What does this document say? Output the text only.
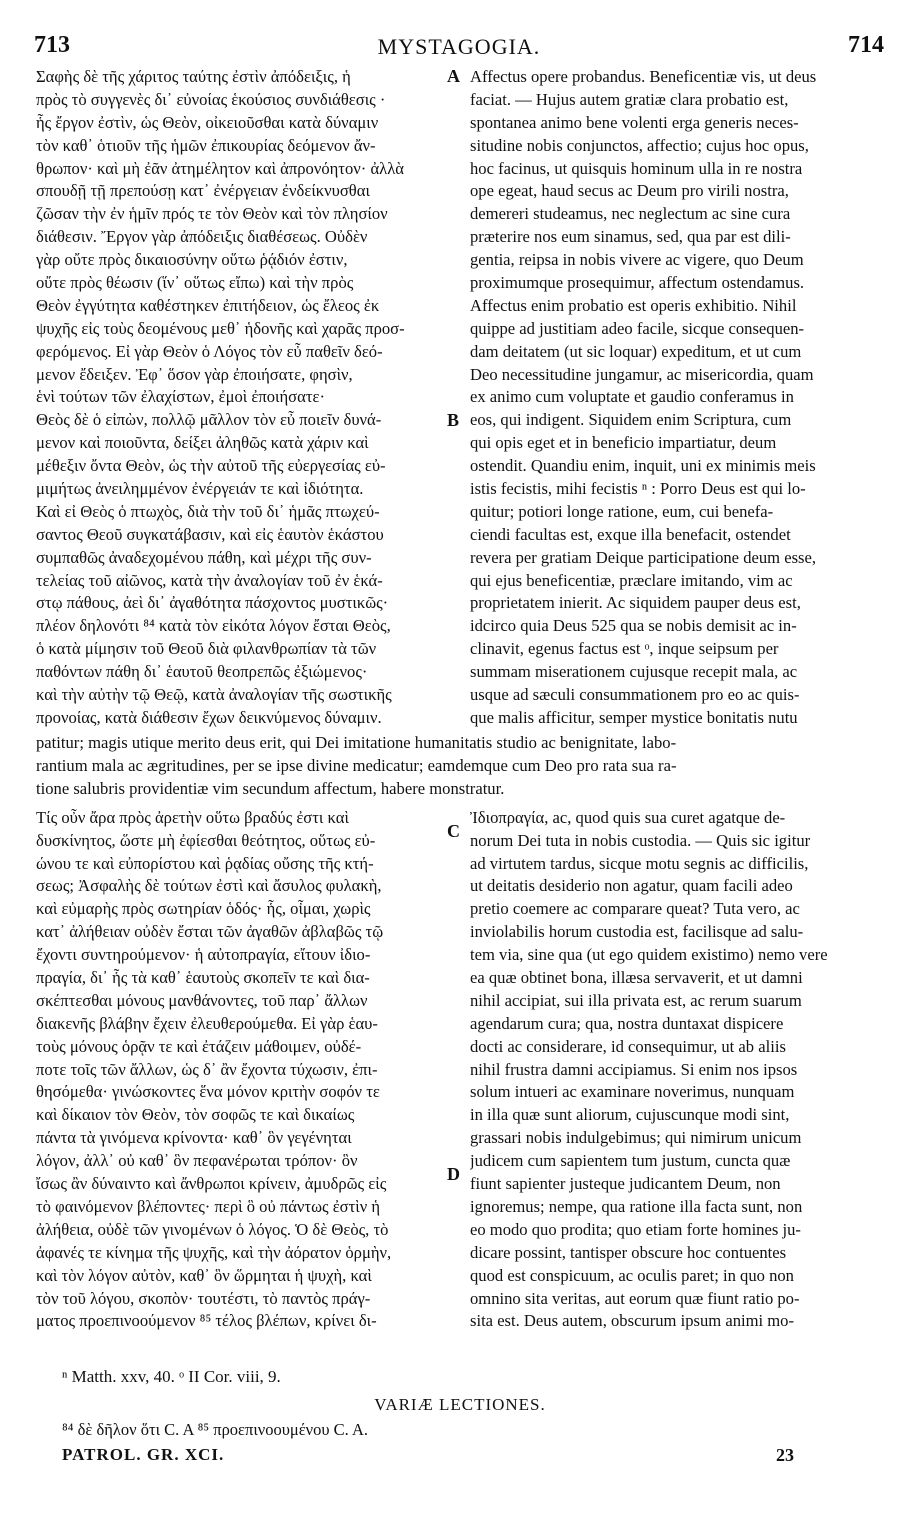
713	MYSTAGOGIA.	714
Σαφὴς δὲ τῆς χάριτος ταύτης ἐστὶν ἀπόδειξις, ἡ
πρὸς τὸ συγγενὲς δι᾽ εὐνοίας ἑκούσιος συνδιάθεσις ·
ἧς ἔργον ἐστὶν, ὡς Θεὸν, οἰκειοῦσθαι κατὰ δύναμιν
τὸν καθ᾽ ὁτιοῦν τῆς ἡμῶν ἐπικουρίας δεόμενον ἄν-
θρωπον· καὶ μὴ ἐᾶν ἀτημέλητον καὶ ἀπρονόητον· ἀλλὰ
σπουδῇ τῇ πρεπούσῃ κατ᾽ ἐνέργειαν ἐνδείκνυσθαι
ζῶσαν τὴν ἐν ἡμῖν πρός τε τὸν Θεὸν καὶ τὸν πλησίον
διάθεσιν. Ἔργον γὰρ ἀπόδειξις διαθέσεως. Οὐδὲν
γὰρ οὔτε πρὸς δικαιοσύνην οὕτω ῥᾴδιόν ἐστιν,
οὔτε πρὸς θέωσιν (ἵν᾽ οὕτως εἴπω) καὶ τὴν πρὸς
Θεὸν ἐγγύτητα καθέστηκεν ἐπιτήδειον, ὡς ἔλεος ἐκ
ψυχῆς εἰς τοὺς δεομένους μεθ᾽ ἡδονῆς καὶ χαρᾶς προσ-
φερόμενος. Εἰ γὰρ Θεὸν ὁ Λόγος τὸν εὖ παθεῖν δεό-
μενον ἔδειξεν. Ἐφ᾽ ὅσον γὰρ ἐποιήσατε, φησὶν,
ἑνὶ τούτων τῶν ἐλαχίστων, ἐμοὶ ἐποιήσατε·
Θεὸς δὲ ὁ εἰπὼν, πολλῷ μᾶλλον τὸν εὖ ποιεῖν δυνά-
μενον καὶ ποιοῦντα, δείξει ἀληθῶς κατὰ χάριν καὶ
μέθεξιν ὄντα Θεὸν, ὡς τὴν αὐτοῦ τῆς εὐεργεσίας εὐ-
μιμήτως ἀνειλημμένον ἐνέργειάν τε καὶ ἰδιότητα.
Καὶ εἰ Θεὸς ὁ πτωχὸς, διὰ τὴν τοῦ δι᾽ ἡμᾶς πτωχεύ-
σαντος Θεοῦ συγκατάβασιν, καὶ εἰς ἑαυτὸν ἑκάστου
συμπαθῶς ἀναδεχομένου πάθη, καὶ μέχρι τῆς συν-
τελείας τοῦ αἰῶνος, κατὰ τὴν ἀναλογίαν τοῦ ἐν ἑκά-
στῳ πάθους, ἀεὶ δι᾽ ἀγαθότητα πάσχοντος μυστικῶς·
πλέον δηλονότι ⁸⁴ κατὰ τὸν εἰκότα λόγον ἔσται Θεὸς,
ὁ κατὰ μίμησιν τοῦ Θεοῦ διὰ φιλανθρωπίαν τὰ τῶν
παθόντων πάθη δι᾽ ἑαυτοῦ θεοπρεπῶς ἐξιώμενος·
καὶ τὴν αὐτὴν τῷ Θεῷ, κατὰ ἀναλογίαν τῆς σωστικῆς
προνοίας, κατὰ διάθεσιν ἔχων δεικνύμενος δύναμιν.
Affectus opere probandus. Beneficentiæ vis, ut deus
faciat. — Hujus autem gratiæ clara probatio est,
spontanea animo bene volenti erga generis neces-
situdine nobis conjunctos, affectio; cujus hoc opus,
hoc facinus, ut quisquis hominum ulla in re nostra
ope egeat, haud secus ac Deum pro virili nostra,
demereri studeamus, nec neglectum ac sine cura
præterire nos eum sinamus, sed, qua par est dili-
gentia, reipsa in nobis vivere ac vigere, quo Deum
proximumque prosequimur, affectum ostendamus.
Affectus enim probatio est operis exhibitio. Nihil
quippe ad justitiam adeo facile, sicque consequen-
dam deitatem (ut sic loquar) expeditum, et ut cum
Deo necessitudine jungamur, ac misericordia, quam
ex animo cum voluptate et gaudio conferamus in
eos, qui indigent. Siquidem enim Scriptura, cum
qui opis eget et in beneficio impartiatur, deum
ostendit. Quandiu enim, inquit, uni ex minimis meis
istis fecistis, mihi fecistis ⁿ : Porro Deus est qui lo-
quitur; potiori longe ratione, eum, cui benefa-
ciendi facultas est, exque illa benefacit, ostendet
revera per gratiam Deique participatione deum esse,
qui ejus beneficentiæ, præclare imitando, vim ac
proprietatem inierit. Ac siquidem pauper deus est,
idcirco quia Deus 525 qua se nobis demisit ac in-
clinavit, egenus factus est ᵒ, inque seipsum per
summam miserationem cujusque recepit mala, ac
usque ad sæculi consummationem pro eo ac quis-
que malis afficitur, semper mystice bonitatis nutu
A
B
C
D
ⁿ Matth. xxv, 40. ᵒ II Cor. viii, 9.
VARIÆ LECTIONES.
⁸⁴ δὲ δῆλον ὅτι C. A ⁸⁵ προεπινοουμένου C. A.
PATROL. GR. XCI.	23
patitur; magis utique merito deus erit, qui Dei imitatione humanitatis studio ac benignitate, labo-
rantium mala ac ægritudines, per se ipse divine medicatur; eamdemque cum Deo pro rata sua ra-
tione salubris providentiæ vim secundum affectum, habere monstratur.
Τίς οὖν ἄρα πρὸς ἀρετὴν οὕτω βραδύς ἐστι καὶ
δυσκίνητος, ὥστε μὴ ἐφίεσθαι θεότητος, οὕτως εὐ-
ώνου τε καὶ εὐπορίστου καὶ ῥᾳδίας οὔσης τῆς κτή-
σεως; Ἀσφαλὴς δὲ τούτων ἐστὶ καὶ ἄσυλος φυλακὴ,
καὶ εὐμαρὴς πρὸς σωτηρίαν ὁδός· ἧς, οἶμαι, χωρὶς
κατ᾽ ἀλήθειαν οὐδὲν ἔσται τῶν ἀγαθῶν ἀβλαβῶς τῷ
ἔχοντι συντηρούμενον· ἡ αὐτοπραγία, εἴτουν ἰδιο-
πραγία, δι᾽ ἧς τὰ καθ᾽ ἑαυτοὺς σκοπεῖν τε καὶ δια-
σκέπτεσθαι μόνους μανθάνοντες, τοῦ παρ᾽ ἄλλων
διακενῆς βλάβην ἔχειν ἐλευθερούμεθα. Εἰ γὰρ ἑαυ-
τοὺς μόνους ὁρᾷν τε καὶ ἐτάζειν μάθοιμεν, οὐδέ-
ποτε τοῖς τῶν ἄλλων, ὡς δ᾽ ἂν ἔχοντα τύχωσιν, ἐπι-
θησόμεθα· γινώσκοντες ἕνα μόνον κριτὴν σοφόν τε
καὶ δίκαιον τὸν Θεὸν, τὸν σοφῶς τε καὶ δικαίως
πάντα τὰ γινόμενα κρίνοντα· καθ᾽ ὃν γεγένηται
λόγον, ἀλλ᾽ οὐ καθ᾽ ὃν πεφανέρωται τρόπον· ὃν
ἴσως ἂν δύναιντο καὶ ἄνθρωποι κρίνειν, ἀμυδρῶς εἰς
τὸ φαινόμενον βλέποντες· περὶ ὃ οὐ πάντως ἐστὶν ἡ
ἀλήθεια, οὐδὲ τῶν γινομένων ὁ λόγος. Ὁ δὲ Θεὸς, τὸ
ἀφανές τε κίνημα τῆς ψυχῆς, καὶ τὴν ἀόρατον ὁρμὴν,
καὶ τὸν λόγον αὐτὸν, καθ᾽ ὃν ὥρμηται ἡ ψυχὴ, καὶ
τὸν τοῦ λόγου, σκοπὸν· τουτέστι, τὸ παντὸς πράγ-
ματος προεπινοούμενον ⁸⁵ τέλος βλέπων, κρίνει δι-
Ἰδιοπραγία, ac, quod quis sua curet agatque de-
norum Dei tuta in nobis custodia. — Quis sic igitur
ad virtutem tardus, sicque motu segnis ac difficilis,
ut deitatis desiderio non agatur, quam facili adeo
pretio coemere ac comparare queat? Tuta vero, ac
inviolabilis horum custodia est, facilisque ad salu-
tem via, sine qua (ut ego quidem existimo) nemo vere
ea quæ obtinet bona, illæsa servaverit, et ut damni
nihil accipiat, sui illa privata est, ac rerum suarum
agendarum cura; qua, nostra duntaxat dispicere
docti ac considerare, id consequimur, ut ab aliis
nihil frustra damni accipiamus. Si enim nos ipsos
solum intueri ac examinare noverimus, nunquam
in illa quæ sunt aliorum, cujuscunque modi sint,
grassari nobis indulgebimus; qui nimirum unicum
judicem cum sapientem tum justum, cuncta quæ
fiunt sapienter justeque judicantem Deum, non
ignoremus; nempe, qua ratione illa facta sunt, non
eo modo quo prodita; quo etiam forte homines ju-
dicare possint, tantisper obscure hoc contuentes
quod est conspicuum, ac oculis paret; in quo non
omnino sita veritas, aut eorum quæ fiunt ratio po-
sita est. Deus autem, obscurum ipsum animi mo-
